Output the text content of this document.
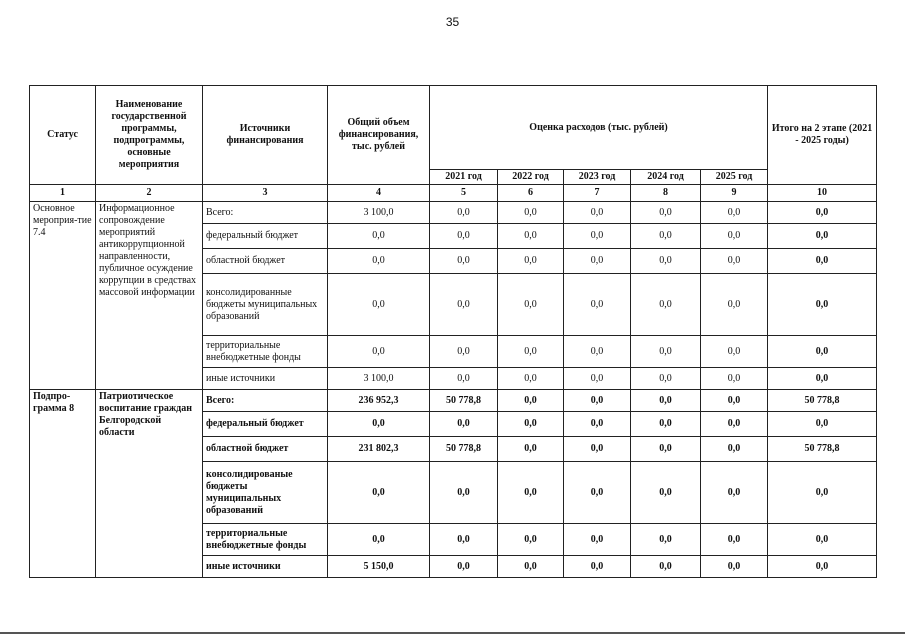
35
Статус	Наименование государственной программы, подпрограммы, основные мероприятия	Источники финансирования	Общий объем финансирования, тыс. рублей	Оценка расходов (тыс. рублей)					Итого на 2 этапе (2021 - 2025 годы)
				2021 год	2022 год	2023 год	2024 год	2025 год	
1	2	3	4	5	6	7	8	9	10
Основное мероприя-тие 7.4	Информационное сопровождение мероприятий антикоррупционной направленности, публичное осуждение коррупции в средствах массовой информации	Всего:	3 100,0	0,0	0,0	0,0	0,0	0,0	0,0
		федеральный бюджет	0,0	0,0	0,0	0,0	0,0	0,0	0,0
		областной бюджет	0,0	0,0	0,0	0,0	0,0	0,0	0,0
		консолидированные бюджеты муниципальных образований	0,0	0,0	0,0	0,0	0,0	0,0	0,0
		территориальные внебюджетные фонды	0,0	0,0	0,0	0,0	0,0	0,0	0,0
		иные источники	3 100,0	0,0	0,0	0,0	0,0	0,0	0,0
Подпро-грамма 8	Патриотическое воспитание граждан Белгородской области	Всего:	236 952,3	50 778,8	0,0	0,0	0,0	0,0	50 778,8
		федеральный бюджет	0,0	0,0	0,0	0,0	0,0	0,0	0,0
		областной бюджет	231 802,3	50 778,8	0,0	0,0	0,0	0,0	50 778,8
		консолидированые бюджеты муниципальных образований	0,0	0,0	0,0	0,0	0,0	0,0	0,0
		территориальные внебюджетные фонды	0,0	0,0	0,0	0,0	0,0	0,0	0,0
		иные источники	5 150,0	0,0	0,0	0,0	0,0	0,0	0,0
